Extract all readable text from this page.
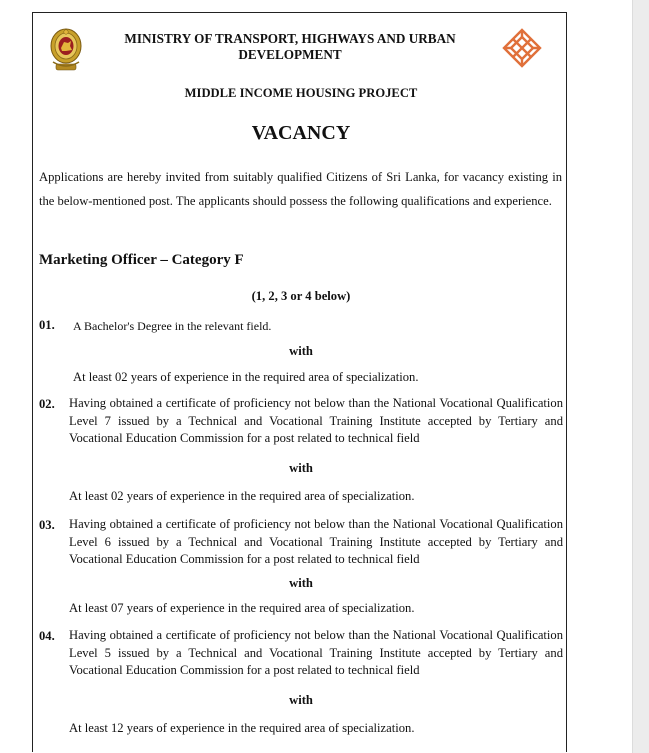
MINISTRY OF TRANSPORT, HIGHWAYS AND URBAN DEVELOPMENT
MIDDLE INCOME HOUSING PROJECT
VACANCY

Applications are hereby invited from suitably qualified Citizens of Sri Lanka, for vacancy existing in the below-mentioned post. The applicants should possess the following qualifications and experience.

Marketing Officer – Category F
(1, 2, 3 or 4 below)
01. A Bachelor's Degree in the relevant field.

with
At least 02 years of experience in the required area of specialization.
02. Having obtained a certificate of proficiency not below than the National Vocational Qualification Level 7 issued by a Technical and Vocational Training Institute accepted by Tertiary and Vocational Education Commission for a post related to technical field

with
At least 02 years of experience in the required area of specialization.
03. Having obtained a certificate of proficiency not below than the National Vocational Qualification Level 6 issued by a Technical and Vocational Training Institute accepted by Tertiary and Vocational Education Commission for a post related to technical field

with
At least 07 years of experience in the required area of specialization.
04. Having obtained a certificate of proficiency not below than the National Vocational Qualification Level 5 issued by a Technical and Vocational Training Institute accepted by Tertiary and Vocational Education Commission for a post related to technical field

with
At least 12 years of experience in the required area of specialization.
